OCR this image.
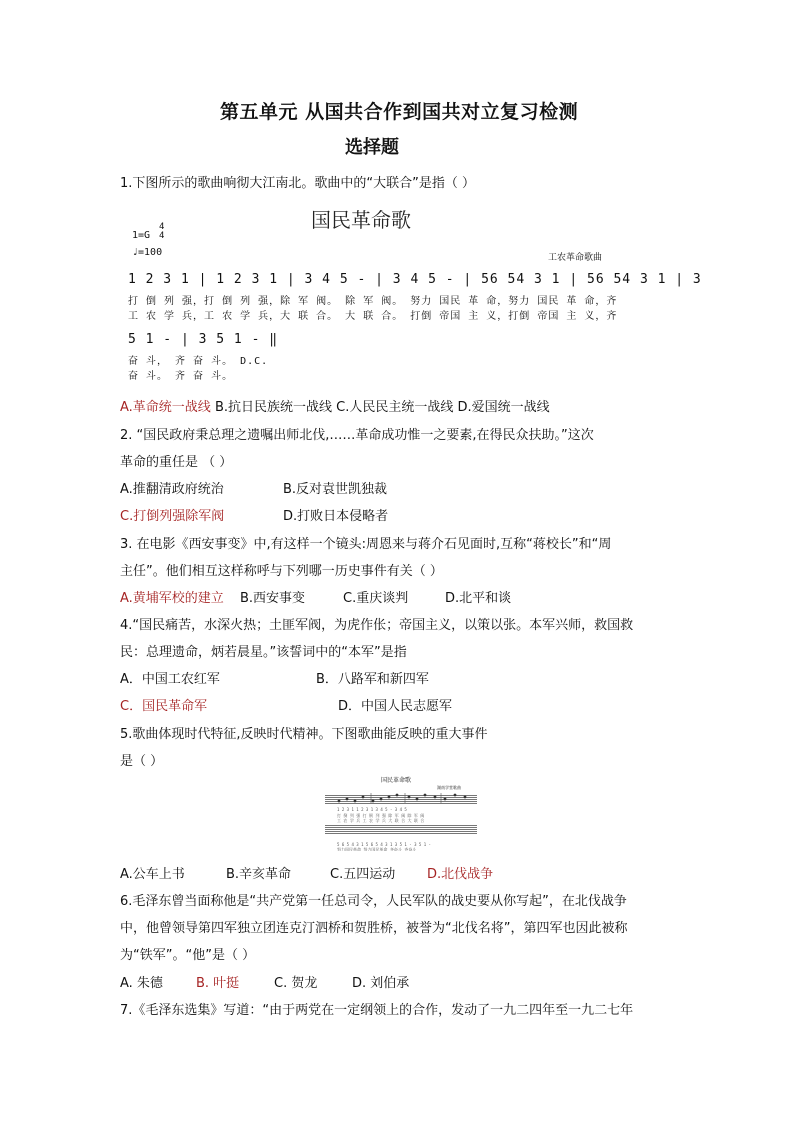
第五单元 从国共合作到国共对立复习检测
选择题
1.下图所示的歌曲响彻大江南北。歌曲中的“大联合”是指（ ）
国民革命歌
1=G
4
4
♩=100	工农革命歌曲
1 2 3 1 | 1 2 3 1 | 3 4 5 - | 3 4 5 - | 56 54 3 1 | 56 54 3 1 | 3
打 倒 列 强，打 倒 列 强，除 军 阀。 除 军 阀。 努力 国民 革 命，努力 国民 革 命，齐
工 农 学 兵，工 农 学 兵，大 联 合。 大 联 合。 打倒 帝国 主 义，打倒 帝国 主 义，齐
5 1 - | 3 5 1 - ‖
奋 斗， 齐 奋 斗。 D.C.
奋 斗。 齐 奋 斗。
A.革命统一战线 B.抗日民族统一战线 C.人民民主统一战线 D.爱国统一战线
2. “国民政府秉总理之遗嘱出师北伐,……革命成功惟一之要素,在得民众扶助。”这次
革命的重任是 （ ）
A.推翻清政府统治	B.反对袁世凯独裁
C.打倒列强除军阀	D.打败日本侵略者
3. 在电影《西安事变》中,有这样一个镜头:周恩来与蒋介石见面时,互称“蒋校长”和“周
主任”。他们相互这样称呼与下列哪一历史事件有关（ ）
A.黄埔军校的建立 B.西安事变	C.重庆谈判	D.北平和谈
4.“国民痛苦，水深火热；土匪军阀，为虎作伥；帝国主义，以策以张。本军兴师，救国救
民：总理遗命，炳若晨星。”该誓词中的“本军”是指
A．中国工农红军	B．八路军和新四军
C．国民革命军	D．中国人民志愿军
5.歌曲体现时代特征,反映时代精神。下图歌曲能反映的重大事件
是（ ）
国民革命歌
湖南学堂歌曲
1 2 3 1 1 2 3 1 3 4 5 - 3 4 5
打 倒 列 强 打 倒 列 强 除 军 阀 除 军 阀
工 农 学 兵 工 农 学 兵 大 联 合 大 联 合
5 6 5 4 3 1 5 6 5 4 3 1 3 5 1 - 3 5 1 -
努力国民革命 努力国民革命 齐奋斗 齐奋斗
A.公车上书	B.辛亥革命	C.五四运动 D.北伐战争
6.毛泽东曾当面称他是“共产党第一任总司令，人民军队的战史要从你写起”，在北伐战争
中，他曾领导第四军独立团连克汀泗桥和贺胜桥，被誉为“北伐名将”，第四军也因此被称
为“铁军”。“他”是（ ）
A. 朱德	B. 叶挺	C. 贺龙	D. 刘伯承
7.《毛泽东选集》写道：“由于两党在一定纲领上的合作，发动了一九二四年至一九二七年
